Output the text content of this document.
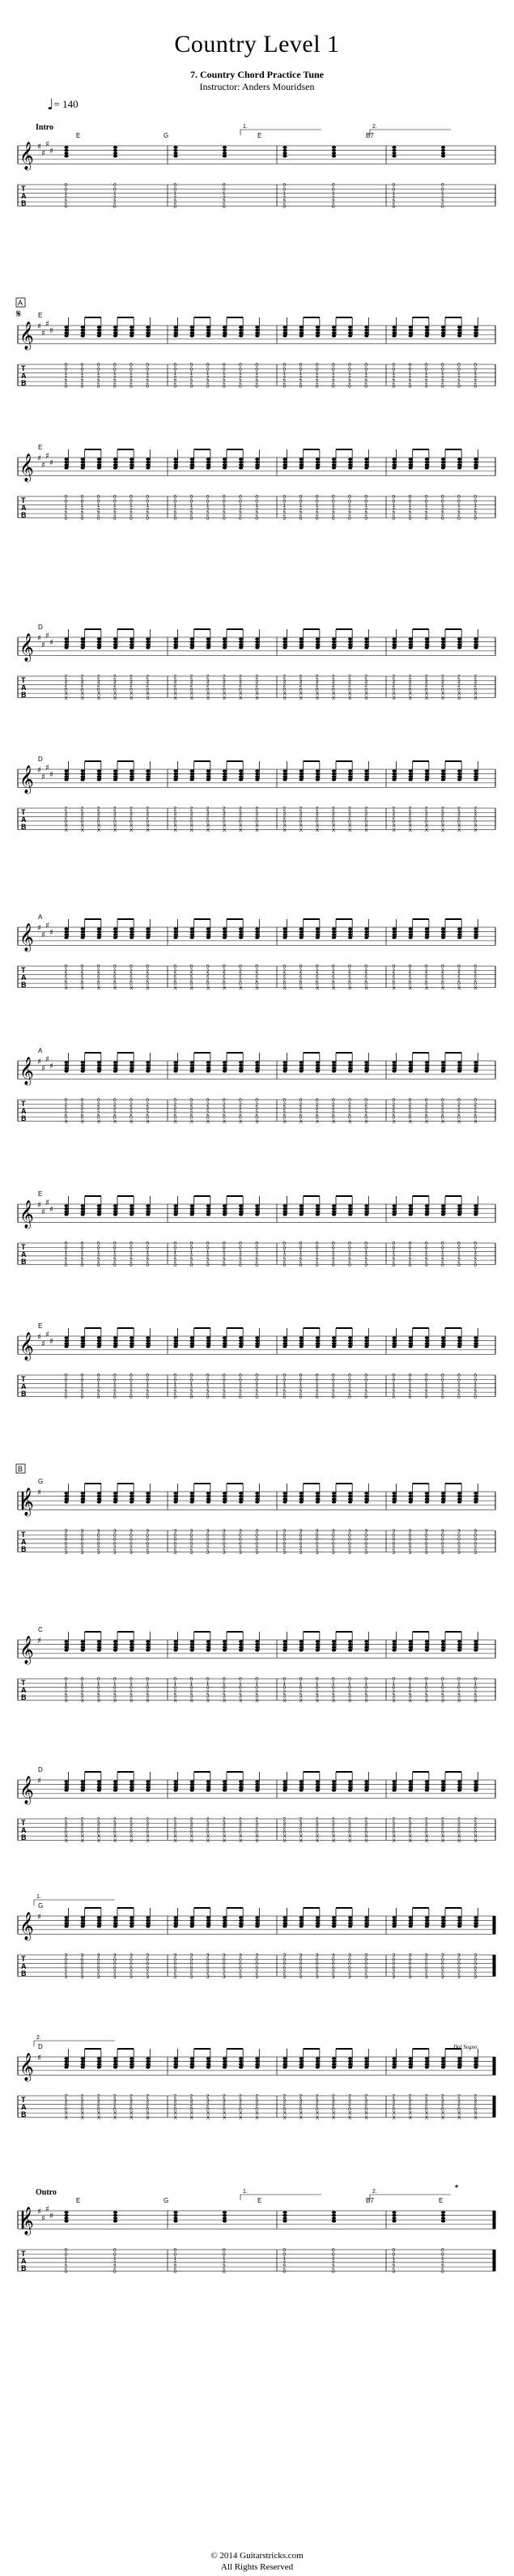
Country Level 1
7. Country Chord Practice Tune
Instructor: Anders Mouridsen
♩= 140
𝄞 ♯
♯
♯
♯
T
A
B
Intro
E	G	E	B7
1.	2.
0
0
1
2
2
0
0
0
1
2
2
0
0
0
1
2
2
0
0
0
1
2
2
0
0
0
1
2
2
0
0
0
1
2
2
0
0
0
1
2
2
0
0
0
1
2
2
0
𝄞 ♯
♯
♯
♯
T
A
B
A
𝄋	E
0
0
1
2
2
0
0
0
1
2
2
0
0
0
1
2
2
0
0
0
1
2
2
0
0
0
1
2
2
0
0
0
1
2
2
0
0
0
1
2
2
0
0
0
1
2
2
0
0
0
1
2
2
0
0
0
1
2
2
0
0
0
1
2
2
0
0
0
1
2
2
0
0
0
1
2
2
0
0
0
1
2
2
0
0
0
1
2
2
0
0
0
1
2
2
0
0
0
1
2
2
0
0
0
1
2
2
0
0
0
1
2
2
0
0
0
1
2
2
0
0
0
1
2
2
0
0
0
1
2
2
0
0
0
1
2
2
0
0
0
1
2
2
0
𝄞 ♯
♯
♯
♯
T
A
B
E
0
0
1
2
2
0
0
0
1
2
2
0
0
0
1
2
2
0
0
0
1
2
2
0
0
0
1
2
2
0
0
0
1
2
2
0
0
0
1
2
2
0
0
0
1
2
2
0
0
0
1
2
2
0
0
0
1
2
2
0
0
0
1
2
2
0
0
0
1
2
2
0
0
0
1
2
2
0
0
0
1
2
2
0
0
0
1
2
2
0
0
0
1
2
2
0
0
0
1
2
2
0
0
0
1
2
2
0
0
0
1
2
2
0
0
0
1
2
2
0
0
0
1
2
2
0
0
0
1
2
2
0
0
0
1
2
2
0
0
0
1
2
2
0
𝄞 ♯
♯
♯
♯
T
A
B
D
2
3
2
0
X
X
2
3
2
0
X
X
2
3
2
0
X
X
2
3
2
0
X
X
2
3
2
0
X
X
2
3
2
0
X
X
2
3
2
0
X
X
2
3
2
0
X
X
2
3
2
0
X
X
2
3
2
0
X
X
2
3
2
0
X
X
2
3
2
0
X
X
2
3
2
0
X
X
2
3
2
0
X
X
2
3
2
0
X
X
2
3
2
0
X
X
2
3
2
0
X
X
2
3
2
0
X
X
2
3
2
0
X
X
2
3
2
0
X
X
2
3
2
0
X
X
2
3
2
0
X
X
2
3
2
0
X
X
2
3
2
0
X
X
𝄞 ♯
♯
♯
♯
T
A
B
D
2
3
2
0
X
X
2
3
2
0
X
X
2
3
2
0
X
X
2
3
2
0
X
X
2
3
2
0
X
X
2
3
2
0
X
X
2
3
2
0
X
X
2
3
2
0
X
X
2
3
2
0
X
X
2
3
2
0
X
X
2
3
2
0
X
X
2
3
2
0
X
X
2
3
2
0
X
X
2
3
2
0
X
X
2
3
2
0
X
X
2
3
2
0
X
X
2
3
2
0
X
X
2
3
2
0
X
X
2
3
2
0
X
X
2
3
2
0
X
X
2
3
2
0
X
X
2
3
2
0
X
X
2
3
2
0
X
X
2
3
2
0
X
X
𝄞 ♯
♯
♯
♯
T
A
B
A
0
2
2
2
0
X
0
2
2
2
0
X
0
2
2
2
0
X
0
2
2
2
0
X
0
2
2
2
0
X
0
2
2
2
0
X
0
2
2
2
0
X
0
2
2
2
0
X
0
2
2
2
0
X
0
2
2
2
0
X
0
2
2
2
0
X
0
2
2
2
0
X
0
2
2
2
0
X
0
2
2
2
0
X
0
2
2
2
0
X
0
2
2
2
0
X
0
2
2
2
0
X
0
2
2
2
0
X
0
2
2
2
0
X
0
2
2
2
0
X
0
2
2
2
0
X
0
2
2
2
0
X
0
2
2
2
0
X
0
2
2
2
0
X
𝄞 ♯
♯
♯
♯
T
A
B
A
0
2
2
2
0
X
0
2
2
2
0
X
0
2
2
2
0
X
0
2
2
2
0
X
0
2
2
2
0
X
0
2
2
2
0
X
0
2
2
2
0
X
0
2
2
2
0
X
0
2
2
2
0
X
0
2
2
2
0
X
0
2
2
2
0
X
0
2
2
2
0
X
0
2
2
2
0
X
0
2
2
2
0
X
0
2
2
2
0
X
0
2
2
2
0
X
0
2
2
2
0
X
0
2
2
2
0
X
0
2
2
2
0
X
0
2
2
2
0
X
0
2
2
2
0
X
0
2
2
2
0
X
0
2
2
2
0
X
0
2
2
2
0
X
𝄞 ♯
♯
♯
♯
T
A
B
E
0
0
1
2
2
0
0
0
1
2
2
0
0
0
1
2
2
0
0
0
1
2
2
0
0
0
1
2
2
0
0
0
1
2
2
0
0
0
1
2
2
0
0
0
1
2
2
0
0
0
1
2
2
0
0
0
1
2
2
0
0
0
1
2
2
0
0
0
1
2
2
0
0
0
1
2
2
0
0
0
1
2
2
0
0
0
1
2
2
0
0
0
1
2
2
0
0
0
1
2
2
0
0
0
1
2
2
0
0
0
1
2
2
0
0
0
1
2
2
0
0
0
1
2
2
0
0
0
1
2
2
0
0
0
1
2
2
0
0
0
1
2
2
0
𝄞 ♯
♯
♯
♯
T
A
B
E
0
0
1
2
2
0
0
0
1
2
2
0
0
0
1
2
2
0
0
0
1
2
2
0
0
0
1
2
2
0
0
0
1
2
2
0
0
0
1
2
2
0
0
0
1
2
2
0
0
0
1
2
2
0
0
0
1
2
2
0
0
0
1
2
2
0
0
0
1
2
2
0
0
0
1
2
2
0
0
0
1
2
2
0
0
0
1
2
2
0
0
0
1
2
2
0
0
0
1
2
2
0
0
0
1
2
2
0
0
0
1
2
2
0
0
0
1
2
2
0
0
0
1
2
2
0
0
0
1
2
2
0
0
0
1
2
2
0
0
0
1
2
2
0
𝄞 ♯
T
A
B
B
G
3
0
0
0
2
3
3
0
0
0
2
3
3
0
0
0
2
3
3
0
0
0
2
3
3
0
0
0
2
3
3
0
0
0
2
3
3
0
0
0
2
3
3
0
0
0
2
3
3
0
0
0
2
3
3
0
0
0
2
3
3
0
0
0
2
3
3
0
0
0
2
3
3
0
0
0
2
3
3
0
0
0
2
3
3
0
0
0
2
3
3
0
0
0
2
3
3
0
0
0
2
3
3
0
0
0
2
3
3
0
0
0
2
3
3
0
0
0
2
3
3
0
0
0
2
3
3
0
0
0
2
3
3
0
0
0
2
3
3
0
0
0
2
3
𝄞 ♯
T
A
B
C
0
1
0
2
3
X
0
1
0
2
3
X
0
1
0
2
3
X
0
1
0
2
3
X
0
1
0
2
3
X
0
1
0
2
3
X
0
1
0
2
3
X
0
1
0
2
3
X
0
1
0
2
3
X
0
1
0
2
3
X
0
1
0
2
3
X
0
1
0
2
3
X
0
1
0
2
3
X
0
1
0
2
3
X
0
1
0
2
3
X
0
1
0
2
3
X
0
1
0
2
3
X
0
1
0
2
3
X
0
1
0
2
3
X
0
1
0
2
3
X
0
1
0
2
3
X
0
1
0
2
3
X
0
1
0
2
3
X
0
1
0
2
3
X
𝄞 ♯
T
A
B
D
2
3
2
0
X
X
2
3
2
0
X
X
2
3
2
0
X
X
2
3
2
0
X
X
2
3
2
0
X
X
2
3
2
0
X
X
2
3
2
0
X
X
2
3
2
0
X
X
2
3
2
0
X
X
2
3
2
0
X
X
2
3
2
0
X
X
2
3
2
0
X
X
2
3
2
0
X
X
2
3
2
0
X
X
2
3
2
0
X
X
2
3
2
0
X
X
2
3
2
0
X
X
2
3
2
0
X
X
2
3
2
0
X
X
2
3
2
0
X
X
2
3
2
0
X
X
2
3
2
0
X
X
2
3
2
0
X
X
2
3
2
0
X
X
𝄞 ♯
T
A
B
G
1.
3
0
0
0
2
3
3
0
0
0
2
3
3
0
0
0
2
3
3
0
0
0
2
3
3
0
0
0
2
3
3
0
0
0
2
3
3
0
0
0
2
3
3
0
0
0
2
3
3
0
0
0
2
3
3
0
0
0
2
3
3
0
0
0
2
3
3
0
0
0
2
3
3
0
0
0
2
3
3
0
0
0
2
3
3
0
0
0
2
3
3
0
0
0
2
3
3
0
0
0
2
3
3
0
0
0
2
3
3
0
0
0
2
3
3
0
0
0
2
3
3
0
0
0
2
3
3
0
0
0
2
3
3
0
0
0
2
3
3
0
0
0
2
3
𝄞 ♯
T
A
B
Dal Segno
D
2.
2
3
2
0
X
X
2
3
2
0
X
X
2
3
2
0
X
X
2
3
2
0
X
X
2
3
2
0
X
X
2
3
2
0
X
X
2
3
2
0
X
X
2
3
2
0
X
X
2
3
2
0
X
X
2
3
2
0
X
X
2
3
2
0
X
X
2
3
2
0
X
X
2
3
2
0
X
X
2
3
2
0
X
X
2
3
2
0
X
X
2
3
2
0
X
X
2
3
2
0
X
X
2
3
2
0
X
X
2
3
2
0
X
X
2
3
2
0
X
X
2
3
2
0
X
X
2
3
2
0
X
X
2
3
2
0
X
X
2
3
2
0
X
X
𝄞 ♯
♯
♯
♯
T
A
B
Outro	𝄌
E	G	E	B7	E
1.	2.
0
0
1
2
2
0
0
0
1
2
2
0
0
0
1
2
2
0
0
0
1
2
2
0
0
0
1
2
2
0
0
0
1
2
2
0
0
0
1
2
2
0
0
0
1
2
2
0
© 2014 Guitarstricks.com
All Rights Reserved
